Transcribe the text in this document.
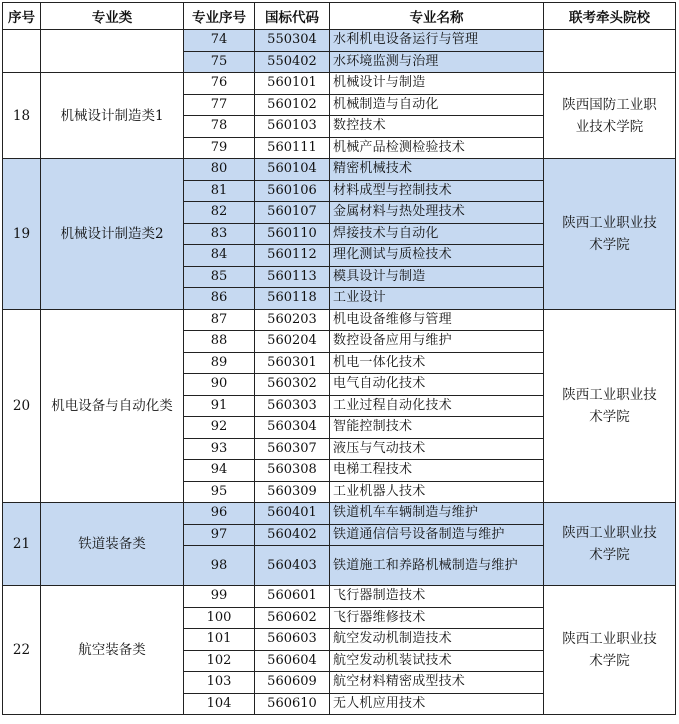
序号	专业类	专业序号	国标代码	专业名称	联考牵头院校
		74	550304	水利机电设备运行与管理	

		75	550402	水环境监测与治理	
18	机械设计制造类1	76	560101	机械设计与制造	陕西国防工业职业技术学院

		77	560102	机械制造与自动化	
		78	560103	数控技术	
		79	560111	机械产品检测检验技术	
19	机械设计制造类2	80	560104	精密机械技术	陕西工业职业技术学院

		81	560106	材料成型与控制技术	
		82	560107	金属材料与热处理技术	
		83	560110	焊接技术与自动化	
		84	560112	理化测试与质检技术	
		85	560113	模具设计与制造	
		86	560118	工业设计	
20	机电设备与自动化类	87	560203	机电设备维修与管理	陕西工业职业技术学院

		88	560204	数控设备应用与维护	
		89	560301	机电一体化技术	
		90	560302	电气自动化技术	
		91	560303	工业过程自动化技术	
		92	560304	智能控制技术	
		93	560307	液压与气动技术	
		94	560308	电梯工程技术	
		95	560309	工业机器人技术	
21	铁道装备类	96	560401	铁道机车车辆制造与维护	陕西工业职业技术学院

		97	560402	铁道通信信号设备制造与维护	
		98	560403	铁道施工和养路机械制造与维护	
22	航空装备类	99	560601	飞行器制造技术	陕西工业职业技术学院

		100	560602	飞行器维修技术	
		101	560603	航空发动机制造技术	
		102	560604	航空发动机装试技术	
		103	560609	航空材料精密成型技术	
		104	560610	无人机应用技术	
